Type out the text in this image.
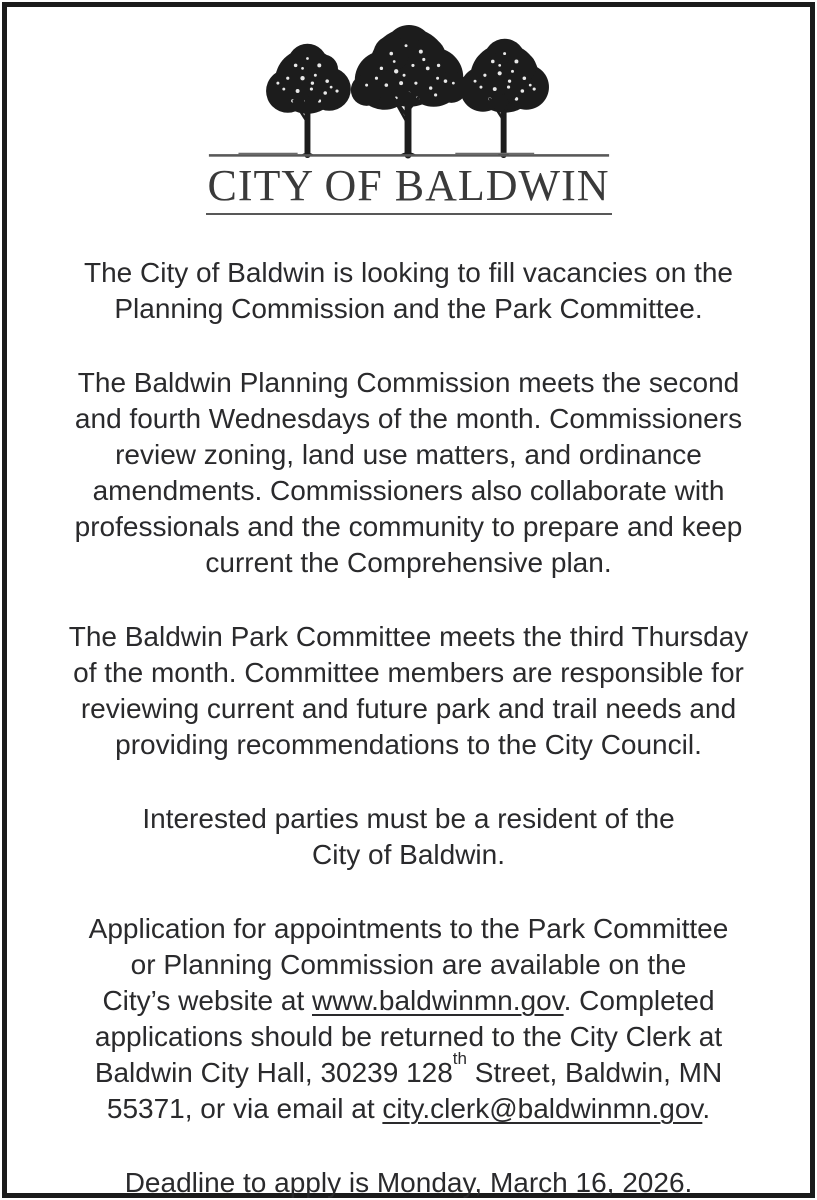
CITY OF BALDWIN
The City of Baldwin is looking to fill vacancies on the
Planning Commission and the Park Committee.
The Baldwin Planning Commission meets the second
and fourth Wednesdays of the month. Commissioners
review zoning, land use matters, and ordinance
amendments. Commissioners also collaborate with
professionals and the community to prepare and keep
current the Comprehensive plan.
The Baldwin Park Committee meets the third Thursday
of the month. Committee members are responsible for
reviewing current and future park and trail needs and
providing recommendations to the City Council.
Interested parties must be a resident of the
City of Baldwin.
Application for appointments to the Park Committee
or Planning Commission are available on the
City’s website at www.baldwinmn.gov. Completed
applications should be returned to the City Clerk at
Baldwin City Hall, 30239 128th Street, Baldwin, MN
55371, or via email at city.clerk@baldwinmn.gov.
Deadline to apply is Monday, March 16, 2026.
